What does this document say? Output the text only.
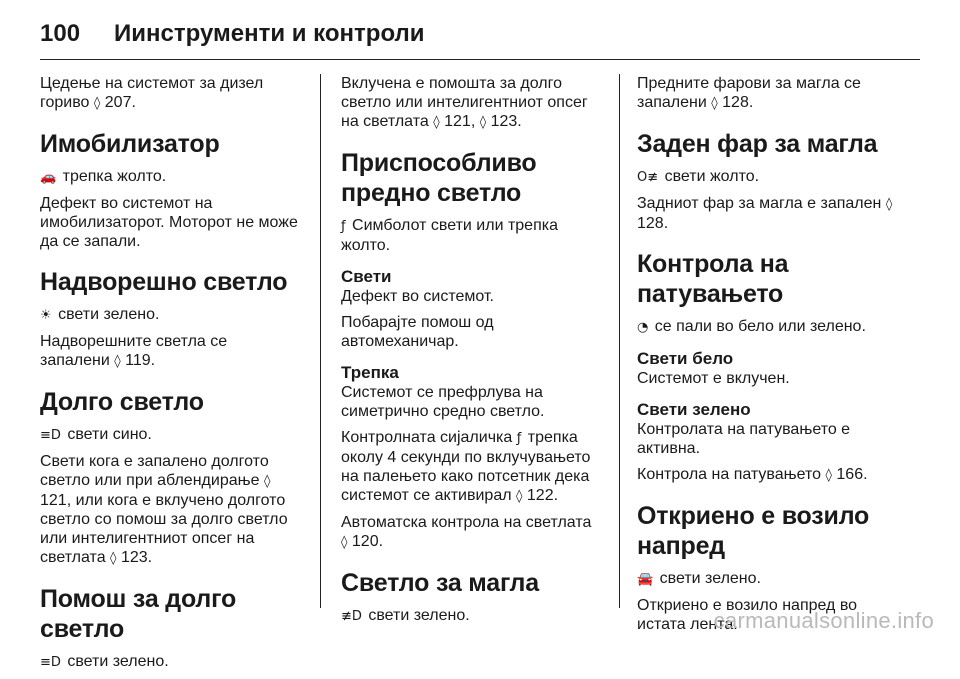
100 Иинструменти и контроли

Цедење на системот за дизел гориво ◊ 207.

Имобилизатор

🚗 трепка жолто.

Дефект во системот на имобилизаторот. Моторот не може да се запали.

Надворешно светло

☀ свети зелено.

Надворешните светла се запалени ◊ 119.

Долго светло

≡D свети сино.

Свети кога е запалено долгото светло или при аблендирање ◊ 121, или кога е вклучено долгото светло со помош за долго светло или интелигентниот опсег на светлата ◊ 123.

Помош за долго светло

≡D свети зелено.

Вклучена е помошта за долго светло или интелигентниот опсег на светлата ◊ 121, ◊ 123.

Приспособливо предно светло

ƒ Симболот свети или трепка жолто.

Свети

Дефект во системот.

Побарајте помош од автомеханичар.

Трепка

Системот се префрлува на симетрично средно светло.

Контролната сијаличка ƒ трепка околу 4 секунди по вклучувањето на палењето како потсетник дека системот се активирал ◊ 122.

Автоматска контрола на светлата ◊ 120.

Светло за магла

≢D свети зелено.

Предните фарови за магла се запалени ◊ 128.

Заден фар за магла

O≢ свети жолто.

Задниот фар за магла е запален ◊ 128.

Контрола на патувањето

◔ се пали во бело или зелено.

Свети бело

Системот е вклучен.

Свети зелено

Контролата на патувањето е активна.

Контрола на патувањето ◊ 166.

Откриено е возило напред

🚘 свети зелено.

Откриено е возило напред во истата лента.

carmanualsonline.info
